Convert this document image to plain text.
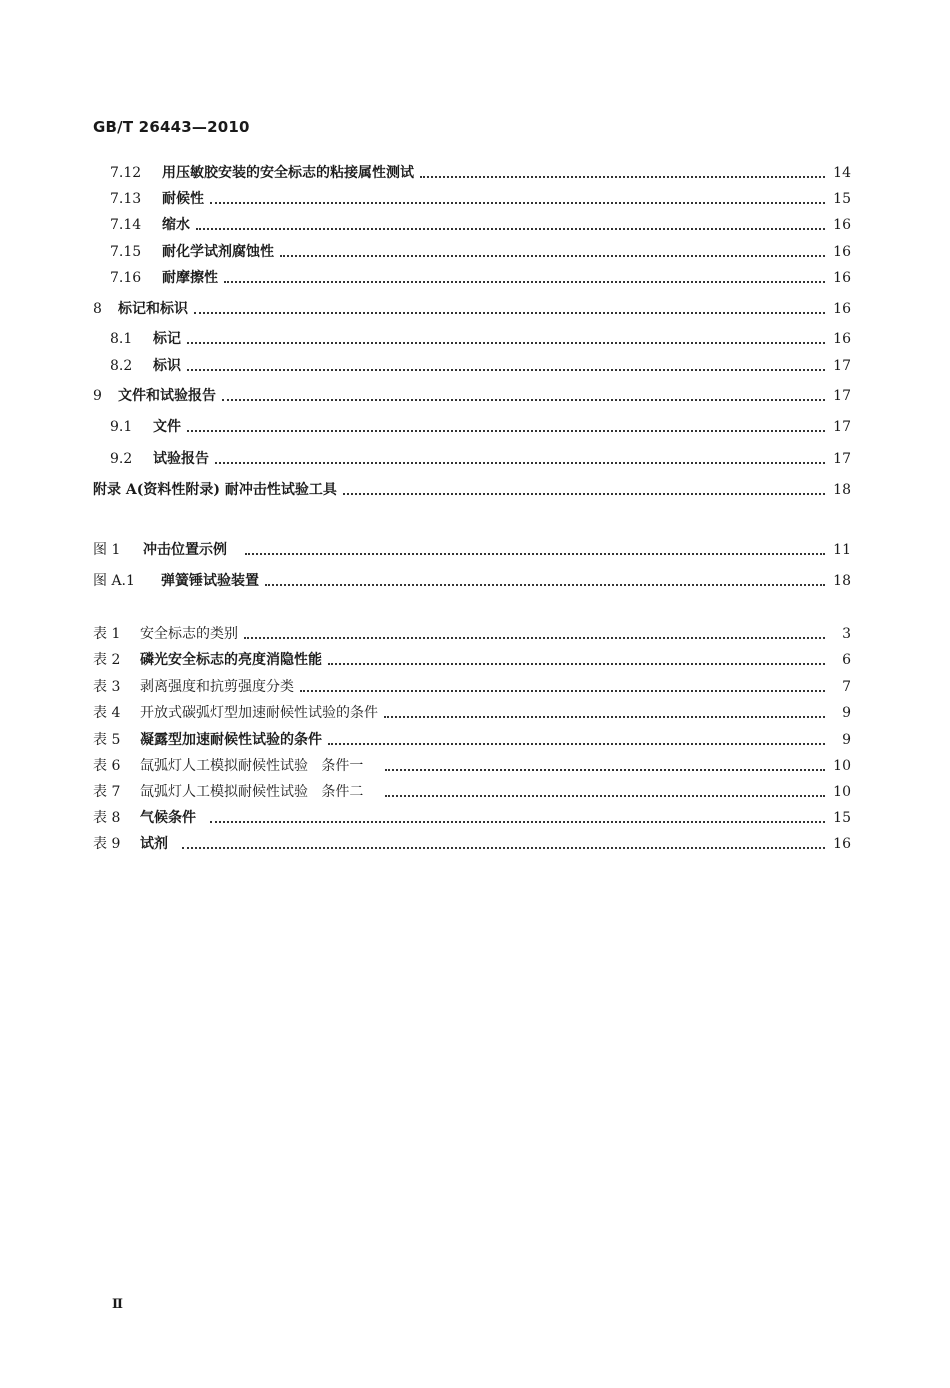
GB/T 26443—2010
7.12	用压敏胶安装的安全标志的粘接属性测试	14
7.13	耐候性	15
7.14	缩水	16
7.15	耐化学试剂腐蚀性	16
7.16	耐摩擦性	16
8	标记和标识	16
8.1	标记	16
8.2	标识	17
9	文件和试验报告	17
9.1	文件	17
9.2	试验报告	17
附录 A (资料性附录) 耐冲击性试验工具	18
图 1	冲击位置示例	11
图 A.1	弹簧锤试验装置	18
表 1	安全标志的类别	3
表 2	磷光安全标志的亮度消隐性能	6
表 3	剥离强度和抗剪强度分类	7
表 4	开放式碳弧灯型加速耐候性试验的条件	9
表 5	凝露型加速耐候性试验的条件	9
表 6	氙弧灯人工模拟耐候性试验   条件一	10
表 7	氙弧灯人工模拟耐候性试验   条件二	10
表 8	气候条件	15
表 9	试剂	16
Ⅱ
